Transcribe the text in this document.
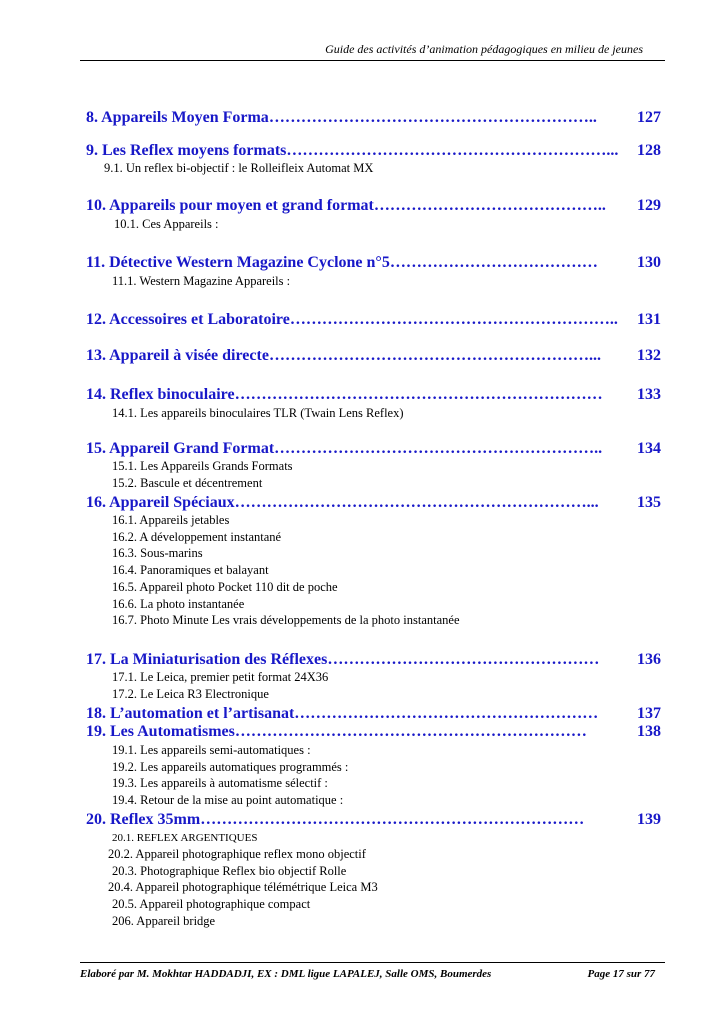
Guide des activités d’animation pédagogiques en milieu de jeunes
127
8. Appareils Moyen Forma……………………………………………………..
128
9. Les Reflex moyens formats……………………………………………………...
9.1. Un reflex bi-objectif : le Rolleifleix Automat MX
129
10. Appareils pour moyen et grand format……………………………………..
10.1. Ces Appareils :
130
11. Détective Western Magazine Cyclone n°5…………………………………
11.1. Western Magazine Appareils :
131
12. Accessoires et Laboratoire……………………………………………………..
132
13. Appareil à visée directe……………………………………………………...
133
14. Reflex binoculaire……………………………………………………………
14.1. Les appareils binoculaires TLR (Twain Lens Reflex)
134
15. Appareil Grand Format……………………………………………………..
15.1. Les Appareils Grands Formats
15.2. Bascule et décentrement
135
16. Appareil Spéciaux…………………………………………………………...
16.1. Appareils jetables
16.2. A développement instantané
16.3. Sous-marins
16.4. Panoramiques et balayant
16.5. Appareil photo Pocket 110 dit de poche
16.6. La photo instantanée
16.7. Photo Minute Les vrais développements de la photo instantanée
136
17. La Miniaturisation des Réflexes……………………………………………
17.1. Le Leica, premier petit format 24X36
17.2. Le Leica R3 Electronique
137
18. L’automation et l’artisanat…………………………………………………
138
19. Les Automatismes…………………………………………………………
19.1. Les appareils semi-automatiques :
19.2. Les appareils automatiques programmés :
19.3. Les appareils à automatisme sélectif :
19.4. Retour de la mise au point automatique :
139
20. Reflex 35mm………………………………………………………………
20.1. REFLEX ARGENTIQUES
20.2. Appareil photographique reflex mono objectif
20.3. Photographique Reflex bio objectif Rolle
20.4. Appareil photographique télémétrique Leica M3
20.5. Appareil photographique compact
206. Appareil bridge
Elaboré par M. Mokhtar HADDADJI, EX : DML ligue LAPALEJ, Salle OMS, Boumerdes	Page 17 sur 77
